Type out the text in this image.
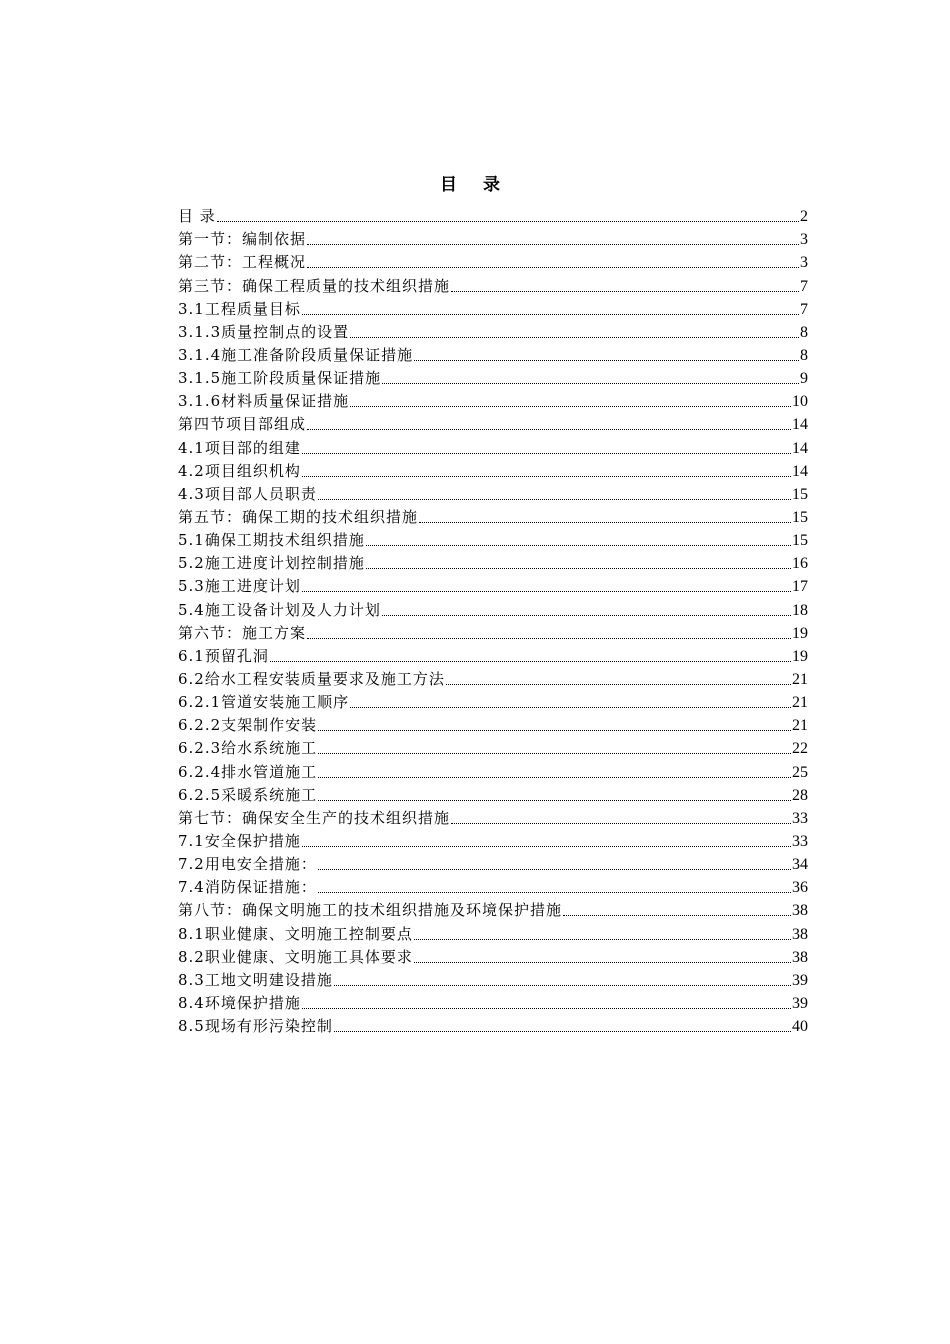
目 录
目 录	2
第一节：编制依据	3
第二节：工程概况	3
第三节：确保工程质量的技术组织措施	7
3.1工程质量目标	7
3.1.3质量控制点的设置	8
3.1.4施工准备阶段质量保证措施	8
3.1.5施工阶段质量保证措施	9
3.1.6材料质量保证措施	10
第四节项目部组成	14
4.1项目部的组建	14
4.2项目组织机构	14
4.3项目部人员职责	15
第五节：确保工期的技术组织措施	15
5.1确保工期技术组织措施	15
5.2施工进度计划控制措施	16
5.3施工进度计划	17
5.4施工设备计划及人力计划	18
第六节：施工方案	19
6.1预留孔洞	19
6.2给水工程安装质量要求及施工方法	21
6.2.1管道安装施工顺序	21
6.2.2支架制作安装	21
6.2.3给水系统施工	22
6.2.4排水管道施工	25
6.2.5采暖系统施工	28
第七节：确保安全生产的技术组织措施	33
7.1安全保护措施	33
7.2用电安全措施：	34
7.4消防保证措施：	36
第八节：确保文明施工的技术组织措施及环境保护措施	38
8.1职业健康、文明施工控制要点	38
8.2职业健康、文明施工具体要求	38
8.3工地文明建设措施	39
8.4环境保护措施	39
8.5现场有形污染控制	40
